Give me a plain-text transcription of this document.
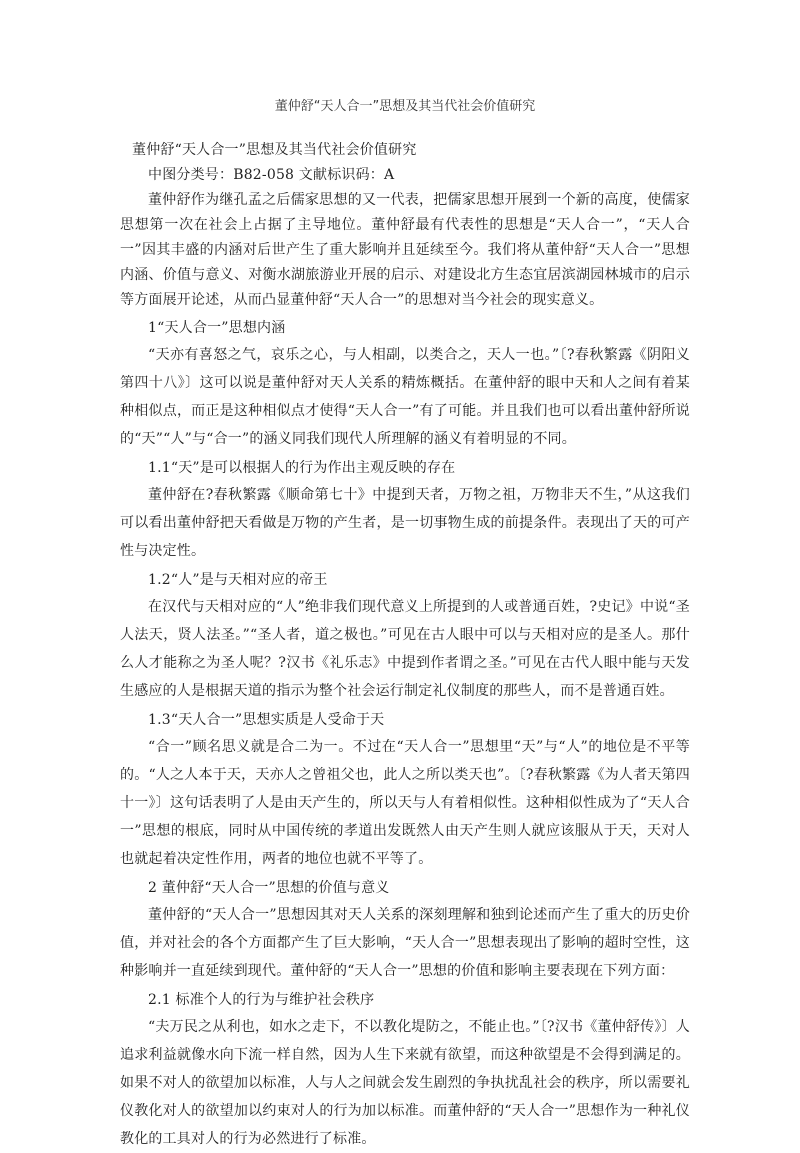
董仲舒“天人合一”思想及其当代社会价值研究

董仲舒“天人合一”思想及其当代社会价值研究

中图分类号：B82-058 文献标识码：A

董仲舒作为继孔孟之后儒家思想的又一代表，把儒家思想开展到一个新的高度，使儒家思想第一次在社会上占据了主导地位。董仲舒最有代表性的思想是“天人合一”，“天人合一”因其丰盛的内涵对后世产生了重大影响并且延续至今。我们将从董仲舒“天人合一”思想内涵、价值与意义、对衡水湖旅游业开展的启示、对建设北方生态宜居滨湖园林城市的启示等方面展开论述，从而凸显董仲舒“天人合一”的思想对当今社会的现实意义。

1“天人合一”思想内涵

“天亦有喜怒之气，哀乐之心，与人相副，以类合之，天人一也。”〔?春秋繁露《阴阳义第四十八》〕这可以说是董仲舒对天人关系的精炼概括。在董仲舒的眼中天和人之间有着某种相似点，而正是这种相似点才使得“天人合一”有了可能。并且我们也可以看出董仲舒所说的“天”“人”与“合一”的涵义同我们现代人所理解的涵义有着明显的不同。

1.1“天”是可以根据人的行为作出主观反映的存在

董仲舒在?春秋繁露《顺命第七十》中提到天者，万物之祖，万物非天不生，”从这我们可以看出董仲舒把天看做是万物的产生者，是一切事物生成的前提条件。表现出了天的可产性与决定性。

1.2“人”是与天相对应的帝王

在汉代与天相对应的“人”绝非我们现代意义上所提到的人或普通百姓，?史记》中说“圣人法天，贤人法圣。”“圣人者，道之极也。”可见在古人眼中可以与天相对应的是圣人。那什么人才能称之为圣人呢？?汉书《礼乐志》中提到作者谓之圣。”可见在古代人眼中能与天发生感应的人是根据天道的指示为整个社会运行制定礼仪制度的那些人，而不是普通百姓。

1.3“天人合一”思想实质是人受命于天

“合一”顾名思义就是合二为一。不过在“天人合一”思想里“天”与“人”的地位是不平等的。“人之人本于天，天亦人之曾祖父也，此人之所以类天也”。〔?春秋繁露《为人者天第四十一》〕这句话表明了人是由天产生的，所以天与人有着相似性。这种相似性成为了“天人合一”思想的根底，同时从中国传统的孝道出发既然人由天产生则人就应该服从于天，天对人也就起着决定性作用，两者的地位也就不平等了。

2 董仲舒“天人合一”思想的价值与意义

董仲舒的“天人合一”思想因其对天人关系的深刻理解和独到论述而产生了重大的历史价值，并对社会的各个方面都产生了巨大影响，“天人合一”思想表现出了影响的超时空性，这种影响并一直延续到现代。董仲舒的“天人合一”思想的价值和影响主要表现在下列方面：

2.1 标准个人的行为与维护社会秩序

“夫万民之从利也，如水之走下，不以教化堤防之，不能止也。”〔?汉书《董仲舒传》〕人追求利益就像水向下流一样自然，因为人生下来就有欲望，而这种欲望是不会得到满足的。如果不对人的欲望加以标准，人与人之间就会发生剧烈的争执扰乱社会的秩序，所以需要礼仪教化对人的欲望加以约束对人的行为加以标准。而董仲舒的“天人合一”思想作为一种礼仪教化的工具对人的行为必然进行了标准。
